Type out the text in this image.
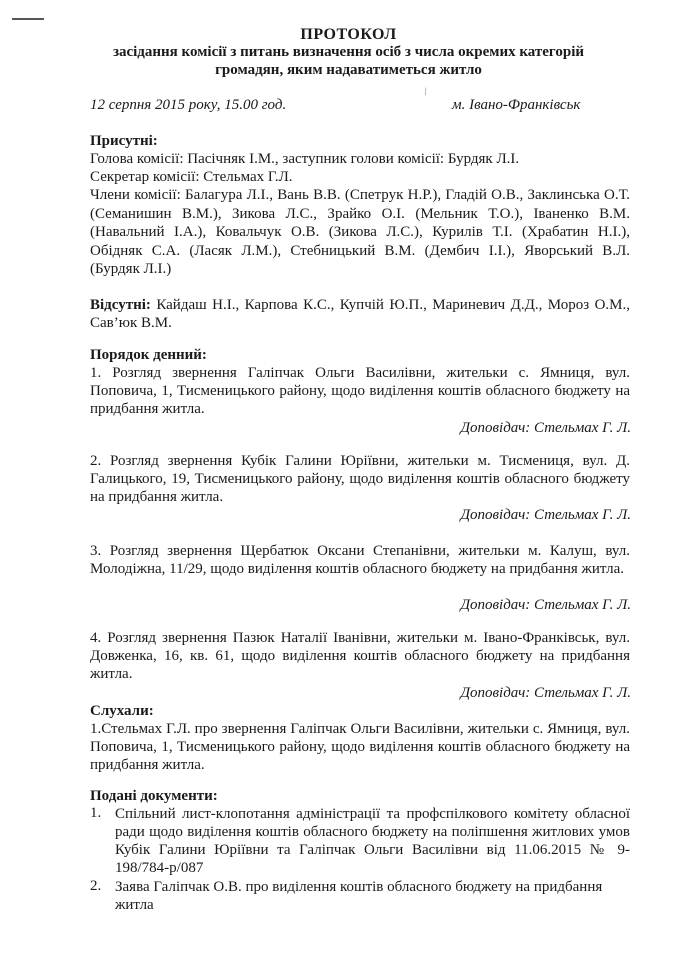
\
ПРОТОКОЛ
засідання комісії з питань визначення осіб з числа окремих категорій
громадян, яким надаватиметься житло
12 серпня 2015 року, 15.00 год.	м. Івано-Франківськ
Присутні:
Голова комісії: Пасічняк І.М., заступник голови комісії: Бурдяк Л.І.
Секретар комісії: Стельмах Г.Л.
Члени комісії: Балагура Л.І., Вань В.В. (Спетрук Н.Р.), Гладій О.В., Заклинська О.Т. (Семанишин В.М.), Зикова Л.С., Зрайко О.І. (Мельник Т.О.), Іваненко В.М. (Навальний І.А.), Ковальчук О.В. (Зикова Л.С.), Курилів Т.І. (Храбатин Н.І.), Обідняк С.А. (Ласяк Л.М.), Стебницький В.М. (Дембич І.І.), Яворський В.Л. (Бурдяк Л.І.)
Відсутні: Кайдаш Н.І., Карпова К.С., Купчій Ю.П., Мариневич Д.Д., Мороз О.М., Сав’юк В.М.
Порядок денний:
1. Розгляд звернення Галіпчак Ольги Василівни, жительки с. Ямниця, вул. Поповича, 1, Тисменицького району, щодо виділення коштів обласного бюджету на придбання житла.
Доповідач: Стельмах Г. Л.
2. Розгляд звернення Кубік Галини Юріївни, жительки м. Тисмениця, вул. Д. Галицького, 19, Тисменицького району, щодо виділення коштів обласного бюджету на придбання житла.
Доповідач: Стельмах Г. Л.
3. Розгляд звернення Щербатюк Оксани Степанівни, жительки м. Калуш, вул. Молодіжна, 11/29, щодо виділення коштів обласного бюджету на придбання житла.
Доповідач: Стельмах Г. Л.
4. Розгляд звернення Пазюк Наталії Іванівни, жительки м. Івано-Франківськ, вул. Довженка, 16, кв. 61, щодо виділення коштів обласного бюджету на придбання житла.
Доповідач: Стельмах Г. Л.
Слухали:
1.Стельмах Г.Л. про звернення Галіпчак Ольги Василівни, жительки с. Ямниця, вул. Поповича, 1, Тисменицького району, щодо виділення коштів обласного бюджету на придбання житла.
Подані документи:
1. Спільний лист-клопотання адміністрації та профспілкового комітету обласної ради щодо виділення коштів обласного бюджету на поліпшення житлових умов Кубік Галини Юріївни та Галіпчак Ольги Василівни від 11.06.2015 № 9-198/784-р/087
2. Заява Галіпчак О.В. про виділення коштів обласного бюджету на придбання житла
